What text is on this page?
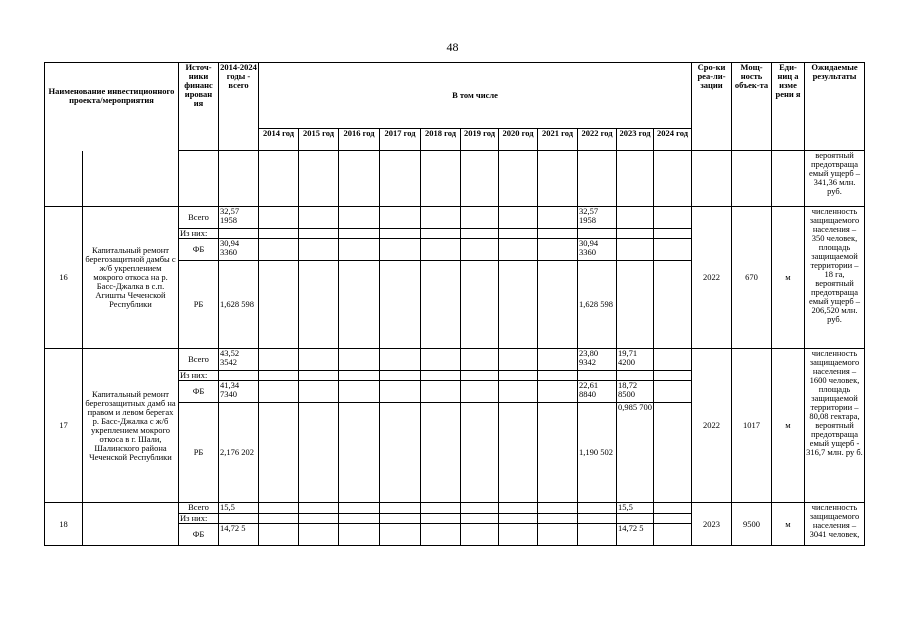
48
Наименование инвестиционного проекта/мероприятия		Источ-ники финанс ирован ия	2014-2024 годы - всего	В том числе											Сро-ки реа-ли-зации	Мощ-ность объек-та	Еди-ниц а изме рени я	Ожидаемые результаты
				2014 год	2015 год	2016 год	2017 год	2018 год	2019 год	2020 год	2021 год	2022 год	2023 год	2024 год				
																		вероятный предотвраща емый ущерб – 341,36 млн. руб.
16	Капитальный ремонт берегозащитной дамбы с ж/б укреплением мокрого откоса на р. Басс-Джалка в с.п. Агишты Чеченской Республики	Всего	32,57 1958									32,57 1958			2022	670	м	численность защищаемого населения – 350 человек, площадь защищаемой территории – 18 га, вероятный предотвраща емый ущерб – 206,520 млн. руб.
		Из них:																
		ФБ	30,94 3360									30,94 3360						
		РБ	1,628 598									1,628 598						
17	Капитальный ремонт берегозащитных дамб на правом и левом берегах р. Басс-Джалка с ж/б укреплением мокрого откоса в г. Шали, Шалинского района Чеченской Республики	Всего	43,52 3542									23,80 9342	19,71 4200		2022	1017	м	численность защищаемого населения – 1600 человек, площадь защищаемой территории – 80,08 гектара, вероятный предотвраща емый ущерб - 316,7 млн. ру б.
		Из них:																
		ФБ	41,34 7340									22,61 8840	18,72 8500					
		РБ	2,176 202									1,190 502	0,985 700					
18		Всего	15,5										15,5		2023	9500	м	численность защищаемого населения – 3041 человек,
		Из них:																
		ФБ	14,72 5										14,72 5					
